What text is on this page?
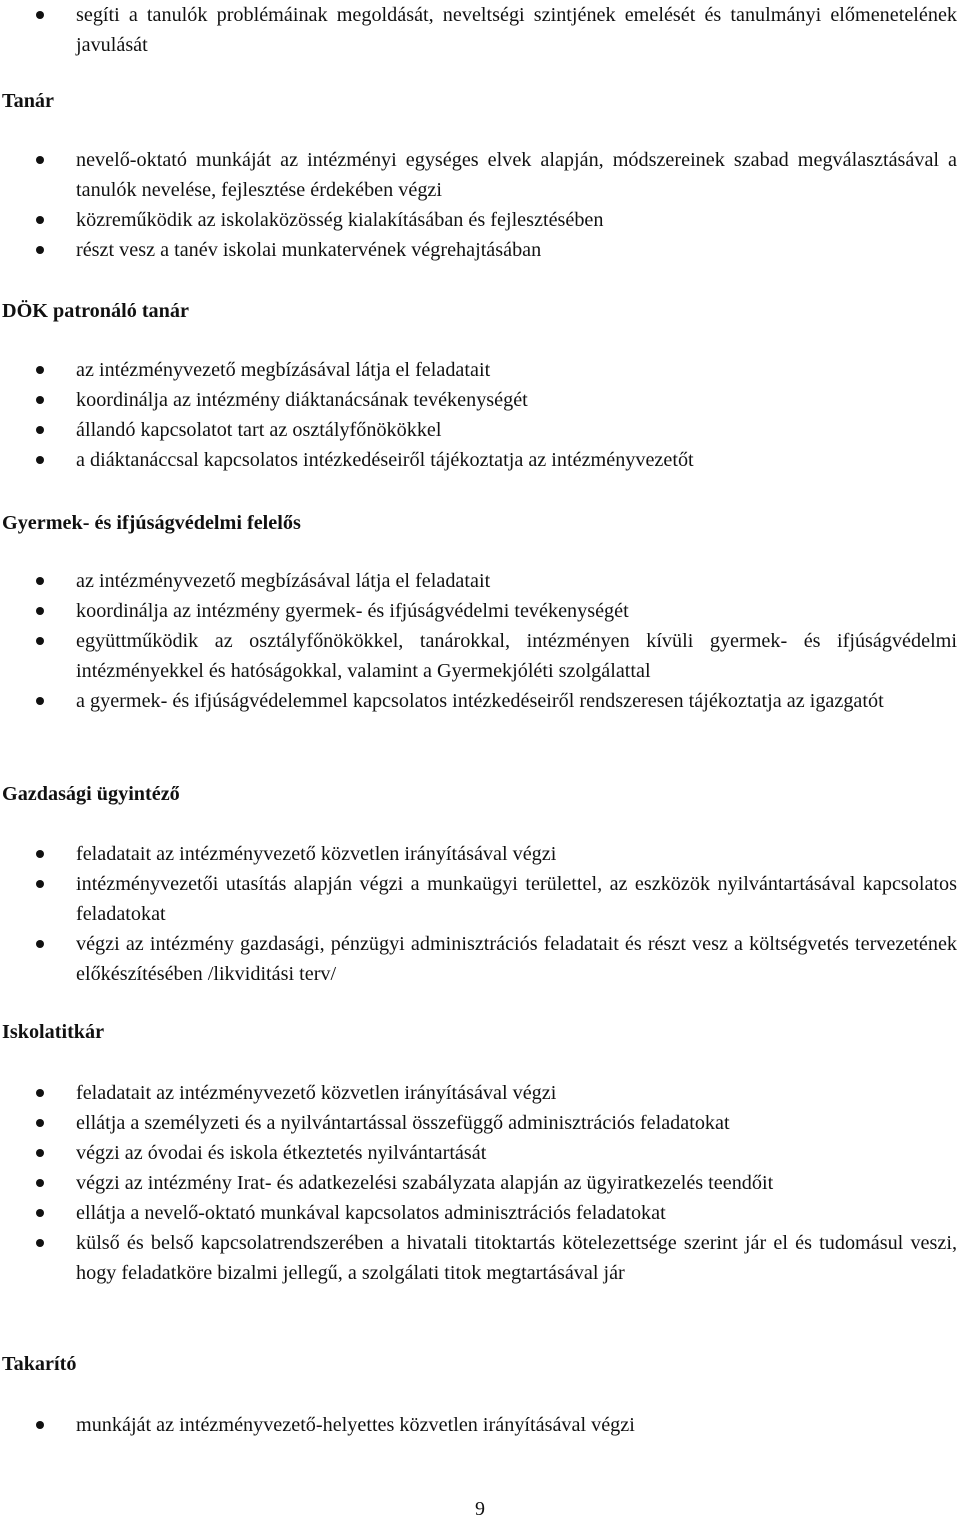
segíti a tanulók problémáinak megoldását, neveltségi szintjének emelését és tanulmányi előmenetelének javulását
Tanár
nevelő-oktató munkáját az intézményi egységes elvek alapján, módszereinek szabad megválasztásával a tanulók nevelése, fejlesztése érdekében végzi
közreműködik az iskolaközösség kialakításában és fejlesztésében
részt vesz a tanév iskolai munkatervének végrehajtásában
DÖK patronáló tanár
az intézményvezető megbízásával látja el feladatait
koordinálja az intézmény diáktanácsának tevékenységét
állandó kapcsolatot tart az osztályfőnökökkel
a diáktanáccsal kapcsolatos intézkedéseiről tájékoztatja az intézményvezetőt
Gyermek- és ifjúságvédelmi felelős
az intézményvezető megbízásával látja el feladatait
koordinálja az intézmény gyermek- és ifjúságvédelmi tevékenységét
együttműködik az osztályfőnökökkel, tanárokkal, intézményen kívüli gyermek- és ifjúságvédelmi intézményekkel és hatóságokkal, valamint a Gyermekjóléti szolgálattal
a gyermek- és ifjúságvédelemmel kapcsolatos intézkedéseiről rendszeresen tájékoztatja az igazgatót
Gazdasági ügyintéző
feladatait az intézményvezető közvetlen irányításával végzi
intézményvezetői utasítás alapján végzi a munkaügyi területtel, az eszközök nyilvántartásával kapcsolatos feladatokat
végzi az intézmény gazdasági, pénzügyi adminisztrációs feladatait és részt vesz a költségvetés tervezetének előkészítésében /likviditási terv/
Iskolatitkár
feladatait az intézményvezető közvetlen irányításával végzi
ellátja a személyzeti és a nyilvántartással összefüggő adminisztrációs feladatokat
végzi az óvodai és iskola étkeztetés nyilvántartását
végzi az intézmény Irat- és adatkezelési szabályzata alapján az ügyiratkezelés teendőit
ellátja a nevelő-oktató munkával kapcsolatos adminisztrációs feladatokat
külső és belső kapcsolatrendszerében a hivatali titoktartás kötelezettsége szerint jár el és tudomásul veszi, hogy feladatköre bizalmi jellegű, a szolgálati titok megtartásával jár
Takarító
munkáját az intézményvezető-helyettes közvetlen irányításával végzi
9
